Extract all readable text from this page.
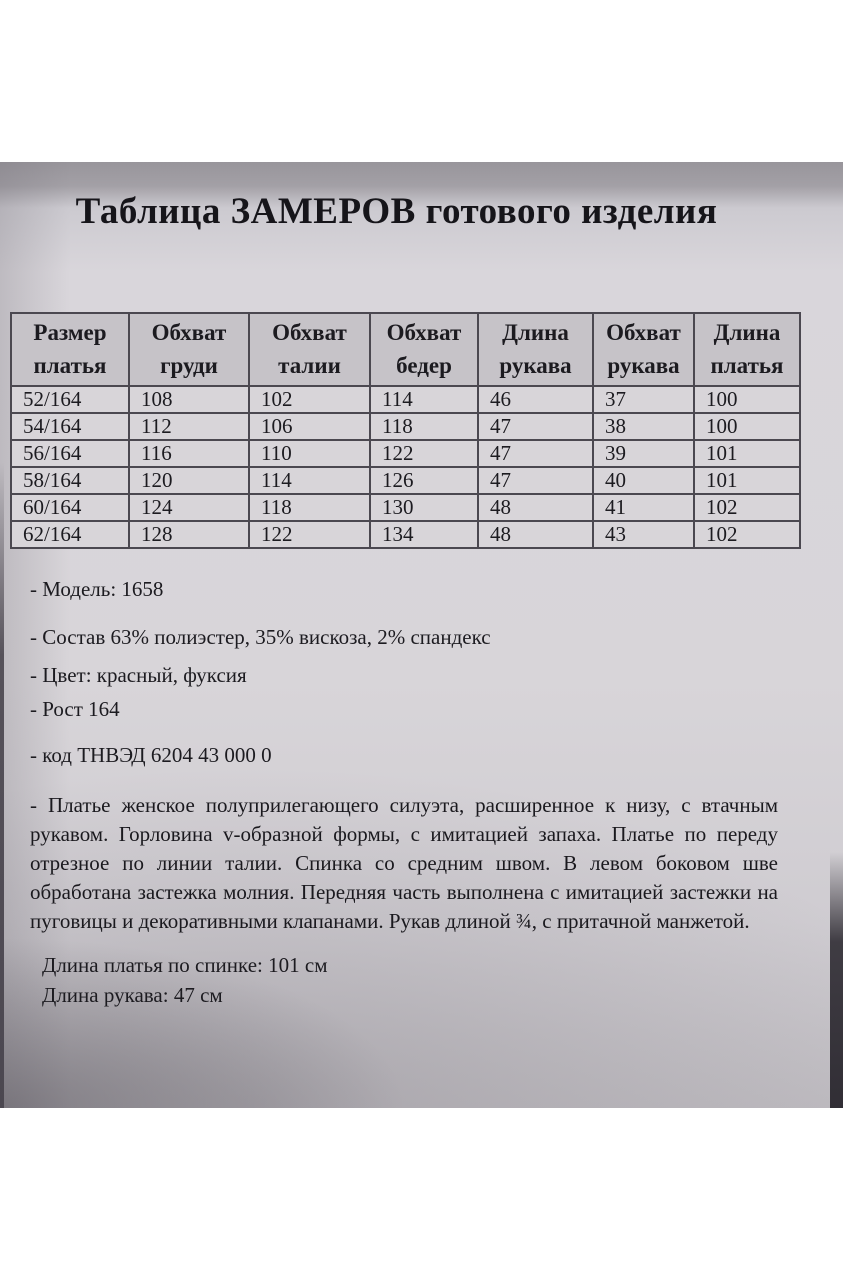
Таблица ЗАМЕРОВ готового изделия
Размер платья	Обхват груди	Обхват талии	Обхват бедер	Длина рукава	Обхват рукава	Длина платья
52/164	108	102	114	46	37	100
54/164	112	106	118	47	38	100
56/164	116	110	122	47	39	101
58/164	120	114	126	47	40	101
60/164	124	118	130	48	41	102
62/164	128	122	134	48	43	102
- Модель: 1658
- Состав 63% полиэстер, 35% вискоза, 2% спандекс
- Цвет: красный, фуксия
- Рост 164
- код ТНВЭД 6204 43 000 0
- Платье женское полуприлегающего силуэта, расширенное к низу, с втачным рукавом. Горловина v-образной формы, с имитацией запаха. Платье по переду отрезное по линии талии. Спинка со средним швом. В левом боковом шве обработана застежка молния. Передняя часть выполнена с имитацией застежки на пуговицы и декоративными клапанами. Рукав длиной ¾, с притачной манжетой.
Длина платья по спинке: 101 см
Длина рукава: 47 см
